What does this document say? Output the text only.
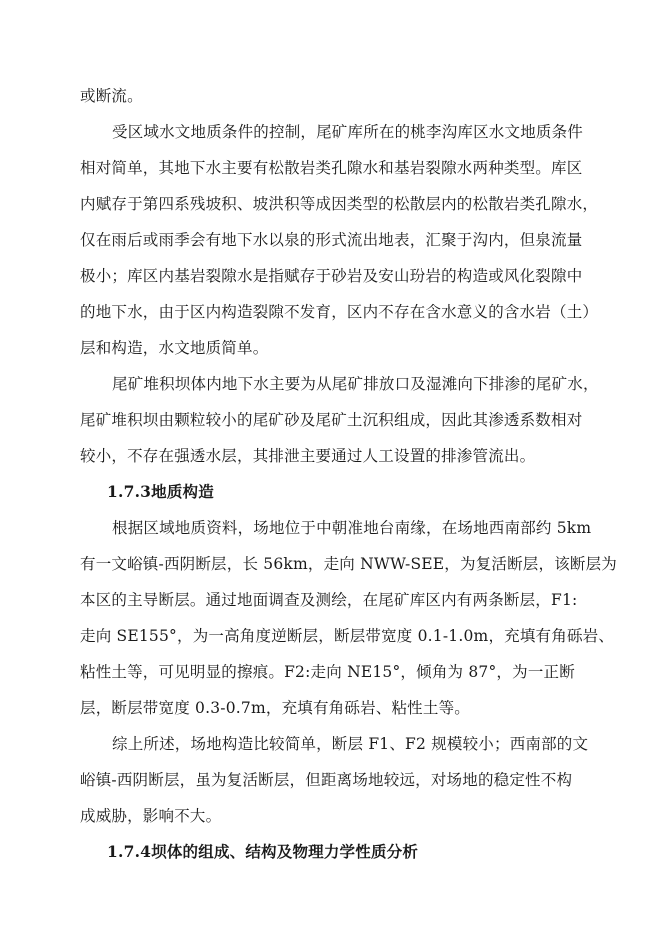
或断流。
受区域水文地质条件的控制，尾矿库所在的桃李沟库区水文地质条件
相对简单，其地下水主要有松散岩类孔隙水和基岩裂隙水两种类型。库区
内赋存于第四系残坡积、坡洪积等成因类型的松散层内的松散岩类孔隙水，
仅在雨后或雨季会有地下水以泉的形式流出地表，汇聚于沟内，但泉流量
极小；库区内基岩裂隙水是指赋存于砂岩及安山玢岩的构造或风化裂隙中
的地下水，由于区内构造裂隙不发育，区内不存在含水意义的含水岩（土）
层和构造，水文地质简单。
尾矿堆积坝体内地下水主要为从尾矿排放口及湿滩向下排渗的尾矿水，
尾矿堆积坝由颗粒较小的尾矿砂及尾矿土沉积组成，因此其渗透系数相对
较小，不存在强透水层，其排泄主要通过人工设置的排渗管流出。
1.7.3地质构造
根据区域地质资料，场地位于中朝准地台南缘，在场地西南部约 5km
有一文峪镇-西阴断层，长 56km，走向 NWW-SEE，为复活断层，该断层为
本区的主导断层。通过地面调查及测绘，在尾矿库区内有两条断层，F1:
走向 SE155°，为一高角度逆断层，断层带宽度 0.1-1.0m，充填有角砾岩、
粘性土等，可见明显的擦痕。F2:走向 NE15°，倾角为 87°，为一正断
层，断层带宽度 0.3-0.7m，充填有角砾岩、粘性土等。
综上所述，场地构造比较简单，断层 F1、F2 规模较小；西南部的文
峪镇-西阴断层，虽为复活断层，但距离场地较远，对场地的稳定性不构
成威胁，影响不大。
1.7.4坝体的组成、结构及物理力学性质分析
